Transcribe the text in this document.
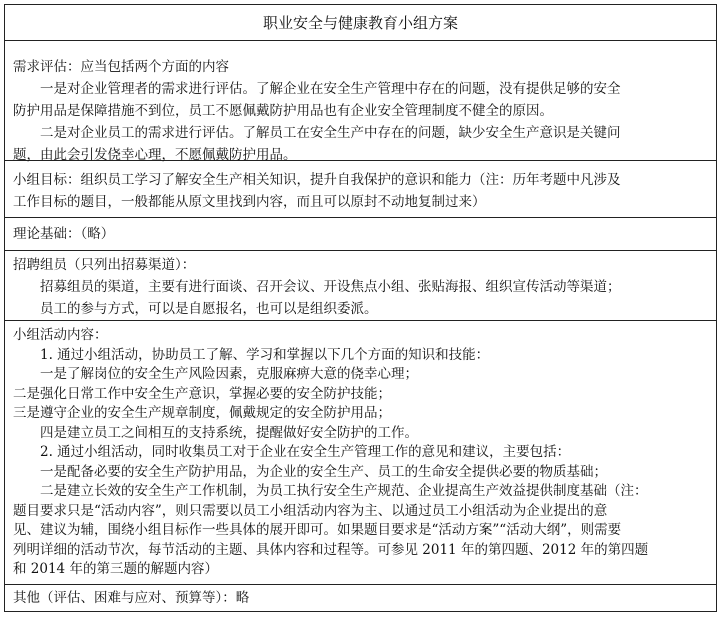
职业安全与健康教育小组方案
需求评估：应当包括两个方面的内容
一是对企业管理者的需求进行评估。了解企业在安全生产管理中存在的问题，没有提供足够的安全
防护用品是保障措施不到位，员工不愿佩戴防护用品也有企业安全管理制度不健全的原因。
二是对企业员工的需求进行评估。了解员工在安全生产中存在的问题，缺少安全生产意识是关键问
题，由此会引发侥幸心理，不愿佩戴防护用品。
小组目标：组织员工学习了解安全生产相关知识，提升自我保护的意识和能力（注：历年考题中凡涉及
工作目标的题目，一般都能从原文里找到内容，而且可以原封不动地复制过来）
理论基础：（略）
招聘组员（只列出招募渠道）：
招募组员的渠道，主要有进行面谈、召开会议、开设焦点小组、张贴海报、组织宣传活动等渠道；
员工的参与方式，可以是自愿报名，也可以是组织委派。
小组活动内容：
1. 通过小组活动，协助员工了解、学习和掌握以下几个方面的知识和技能：
一是了解岗位的安全生产风险因素，克服麻痹大意的侥幸心理；
二是强化日常工作中安全生产意识，掌握必要的安全防护技能；
三是遵守企业的安全生产规章制度，佩戴规定的安全防护用品；
四是建立员工之间相互的支持系统，提醒做好安全防护的工作。
2. 通过小组活动，同时收集员工对于企业在安全生产管理工作的意见和建议，主要包括：
一是配备必要的安全生产防护用品，为企业的安全生产、员工的生命安全提供必要的物质基础；
二是建立长效的安全生产工作机制，为员工执行安全生产规范、企业提高生产效益提供制度基础（注：
题目要求只是“活动内容”，则只需要以员工小组活动内容为主、以通过员工小组活动为企业提出的意
见、建议为辅，围绕小组目标作一些具体的展开即可。如果题目要求是“活动方案”“活动大纲”，则需要
列明详细的活动节次，每节活动的主题、具体内容和过程等。可参见 2011 年的第四题、2012 年的第四题
和 2014 年的第三题的解题内容）
其他（评估、困难与应对、预算等）：略
